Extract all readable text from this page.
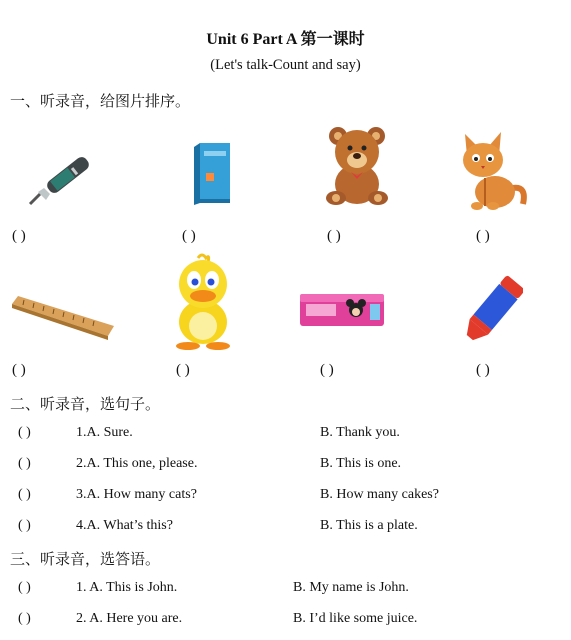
Unit 6 Part A 第一课时
(Let's talk-Count and say)
一、听录音，给图片排序。
( )	( )	( )	( )
( )	( )	( )	( )
二、听录音，选句子。
( )	1.A. Sure.	B. Thank you.
( )	2.A. This one, please.	B. This is one.
( )	3.A. How many cats?	B. How many cakes?
( )	4.A. What’s this?	B. This is a plate.
三、听录音，选答语。
( )	1. A. This is John.	B. My name is John.
( )	2. A. Here you are.	B. I’d like some juice.
